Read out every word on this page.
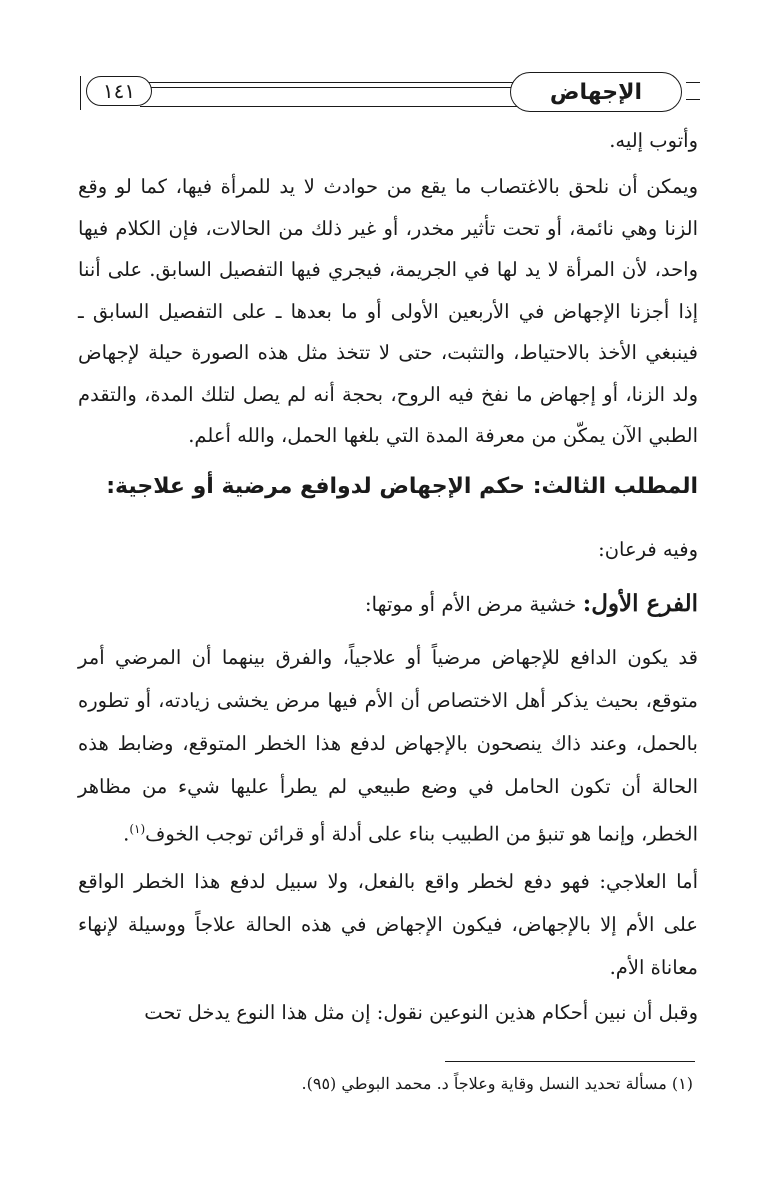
١٤١	الإجهاض

وأتوب إليه.

ويمكن أن نلحق بالاغتصاب ما يقع من حوادث لا يد للمرأة فيها، كما لو وقع الزنا وهي نائمة، أو تحت تأثير مخدر، أو غير ذلك من الحالات، فإن الكلام فيها واحد، لأن المرأة لا يد لها في الجريمة، فيجري فيها التفصيل السابق. على أننا إذا أجزنا الإجهاض في الأربعين الأولى أو ما بعدها ـ على التفصيل السابق ـ فينبغي الأخذ بالاحتياط، والتثبت، حتى لا تتخذ مثل هذه الصورة حيلة لإجهاض ولد الزنا، أو إجهاض ما نفخ فيه الروح، بحجة أنه لم يصل لتلك المدة، والتقدم الطبي الآن يمكّن من معرفة المدة التي بلغها الحمل، والله أعلم.

المطلب الثالث: حكم الإجهاض لدوافع مرضية أو علاجية:

وفيه فرعان:

الفرع الأول: خشية مرض الأم أو موتها:

قد يكون الدافع للإجهاض مرضياً أو علاجياً، والفرق بينهما أن المرضي أمر متوقع، بحيث يذكر أهل الاختصاص أن الأم فيها مرض يخشى زيادته، أو تطوره بالحمل، وعند ذاك ينصحون بالإجهاض لدفع هذا الخطر المتوقع، وضابط هذه الحالة أن تكون الحامل في وضع طبيعي لم يطرأ عليها شيء من مظاهر الخطر، وإنما هو تنبؤ من الطبيب بناء على أدلة أو قرائن توجب الخوف$^{(١)}$.

أما العلاجي: فهو دفع لخطر واقع بالفعل، ولا سبيل لدفع هذا الخطر الواقع على الأم إلا بالإجهاض، فيكون الإجهاض في هذه الحالة علاجاً ووسيلة لإنهاء معاناة الأم.

وقبل أن نبين أحكام هذين النوعين نقول: إن مثل هذا النوع يدخل تحت

(١) مسألة تحديد النسل وقاية وعلاجاً د. محمد البوطي (٩٥).
